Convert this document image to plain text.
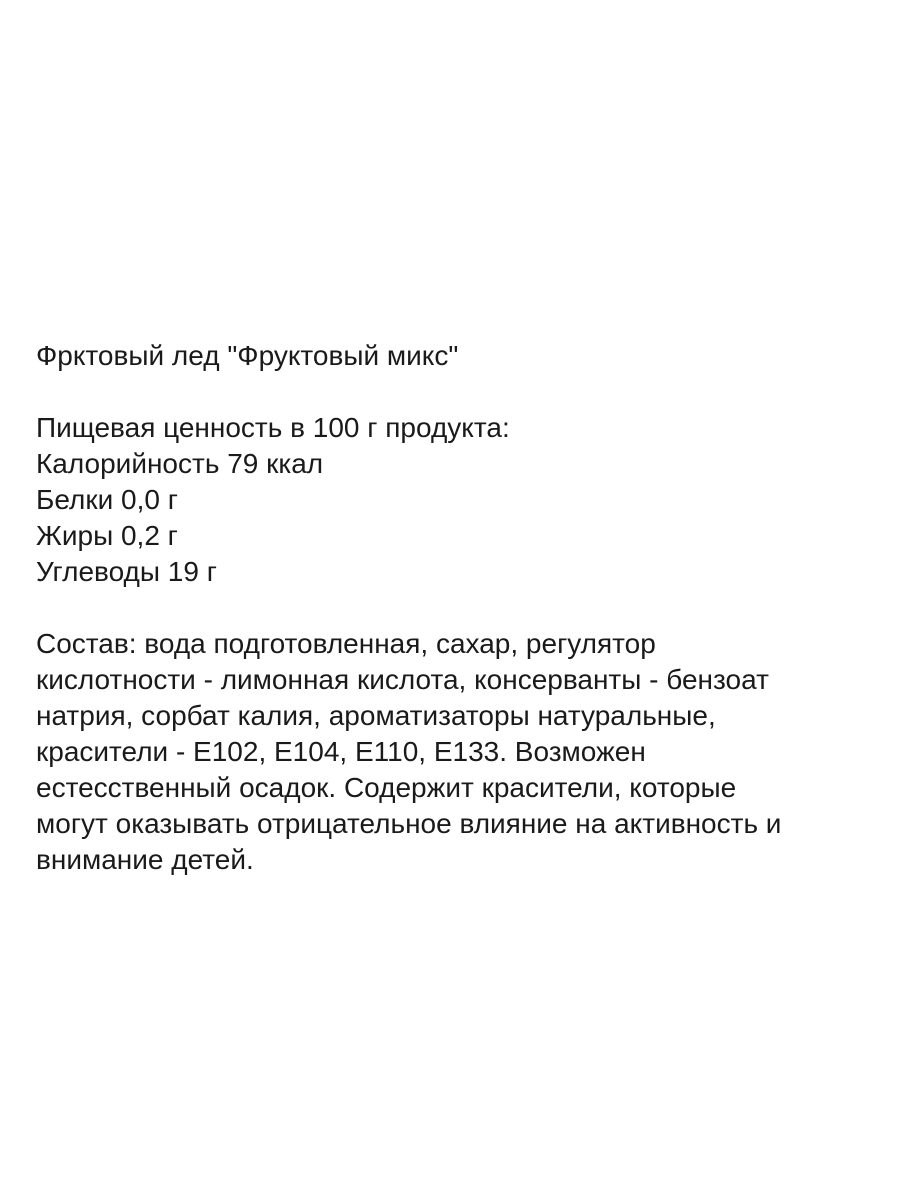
Фрктовый лед "Фруктовый микс"
Пищевая ценность в 100 г продукта:
Калорийность 79 ккал
Белки 0,0 г
Жиры 0,2 г
Углеводы 19 г
Состав: вода подготовленная, сахар, регулятор
кислотности - лимонная кислота, консерванты - бензоат
натрия, сорбат калия, ароматизаторы натуральные,
красители - E102, E104, E110, E133. Возможен
естесственный осадок. Содержит красители, которые
могут оказывать отрицательное влияние на активность и
внимание детей.
